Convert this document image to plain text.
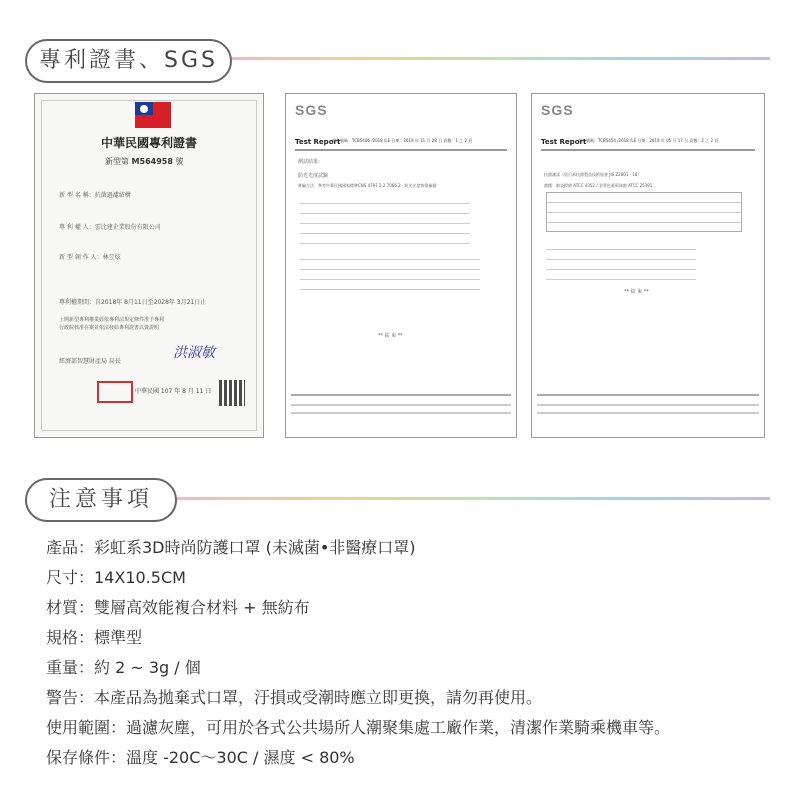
專利證書、SGS
中華民國專利證書
新型第 M564958 號
新 型 名 稱：抗菌過濾結構
專 利 權 人：雲比建企業股份有限公司
新 型 創 作 人：林昱炫
專利權期間：自2018年 8月11日至2028年 3月21日止
上開新型專利權業經依專利法規定條件准予專利
行政院核准在案並依法發給專利證書以資證明
經濟部智慧財產局 局長
洪淑敏
中華民國 107 年 8 月 11 日
SGS
Test Report
報告號碼：TCB5406 /2018 /LE 日期：2019 年 11 月 28 日 頁數：1 之 2 頁
測試結果：
防光光度試驗
實驗方法：參考中華民國國家標準CNS 4797 2.2 7066.2 · 防光光度物質檢測
** 結 束 **
SGS
Test Report
報告號碼：TCB5454 /2018 /LE 日期：2019 年 05 月 17 日 頁數：2 之 2 頁
抗菌測試（依日本抗菌製品技術協會 JIS Z2801 - 18）
菌種：肺炎桿菌 ATCC 4352 / 金黃色葡萄球菌 ATCC 25391
** 結 束 **
注意事項

產品：彩虹系3D時尚防護口罩 (未滅菌•非醫療口罩)

尺寸：14X10.5CM

材質：雙層高效能複合材料 + 無紡布

規格：標準型

重量：約 2 ~ 3g / 個

警告：本產品為拋棄式口罩，汙損或受潮時應立即更換，請勿再使用。

使用範圍：過濾灰塵，可用於各式公共場所人潮聚集處工廠作業，清潔作業騎乘機車等。

保存條件：溫度 -20C～30C / 濕度 < 80%
